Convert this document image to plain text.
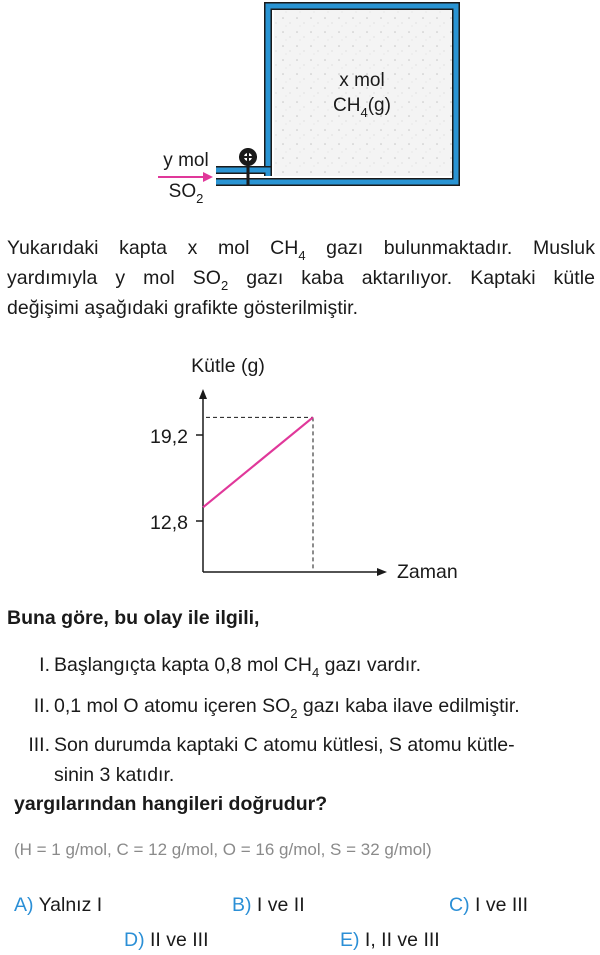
x mol
$CH_4(g)$
y mol
$SO_2$
Yukarıdaki kapta x mol $CH_4$ gazı bulunmaktadır. Musluk
yardımıyla y mol $SO_2$ gazı kaba aktarılıyor. Kaptaki kütle
değişimi aşağıdaki grafikte gösterilmiştir.
Kütle (g)
Zaman
19,2
12,8
Buna göre, bu olay ile ilgili,
I. Başlangıçta kapta 0,8 mol $CH_4$ gazı vardır.
II. 0,1 mol O atomu içeren $SO_2$ gazı kaba ilave edilmiştir.
III. Son durumda kaptaki C atomu kütlesi, S atomu kütle-
sinin 3 katıdır.
yargılarından hangileri doğrudur?
(H = 1 g/mol, C = 12 g/mol, O = 16 g/mol, S = 32 g/mol)
A) Yalnız I	B) I ve II	C) I ve III
D) II ve III	E) I, II ve III
